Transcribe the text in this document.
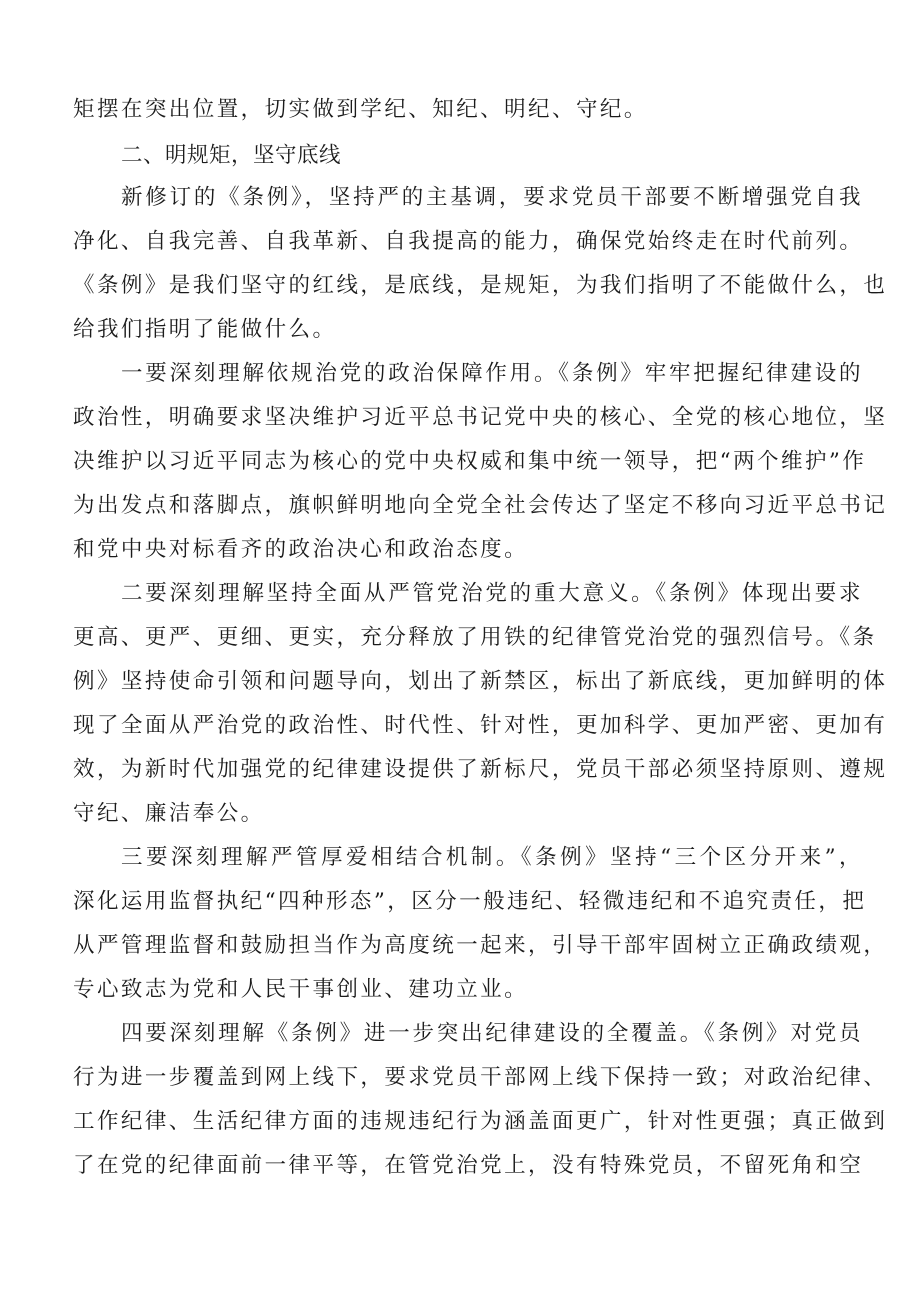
矩摆在突出位置，切实做到学纪、知纪、明纪、守纪。
二、明规矩，坚守底线
新修订的《条例》，坚持严的主基调，要求党员干部要不断增强党自我
净化、自我完善、自我革新、自我提高的能力，确保党始终走在时代前列。
《条例》是我们坚守的红线，是底线，是规矩，为我们指明了不能做什么，也
给我们指明了能做什么。
一要深刻理解依规治党的政治保障作用。《条例》牢牢把握纪律建设的
政治性，明确要求坚决维护习近平总书记党中央的核心、全党的核心地位，坚
决维护以习近平同志为核心的党中央权威和集中统一领导，把“两个维护”作
为出发点和落脚点，旗帜鲜明地向全党全社会传达了坚定不移向习近平总书记
和党中央对标看齐的政治决心和政治态度。
二要深刻理解坚持全面从严管党治党的重大意义。《条例》体现出要求
更高、更严、更细、更实，充分释放了用铁的纪律管党治党的强烈信号。《条
例》坚持使命引领和问题导向，划出了新禁区，标出了新底线，更加鲜明的体
现了全面从严治党的政治性、时代性、针对性，更加科学、更加严密、更加有
效，为新时代加强党的纪律建设提供了新标尺，党员干部必须坚持原则、遵规
守纪、廉洁奉公。
三要深刻理解严管厚爱相结合机制。《条例》坚持“三个区分开来”，
深化运用监督执纪“四种形态”，区分一般违纪、轻微违纪和不追究责任，把
从严管理监督和鼓励担当作为高度统一起来，引导干部牢固树立正确政绩观，
专心致志为党和人民干事创业、建功立业。
四要深刻理解《条例》进一步突出纪律建设的全覆盖。《条例》对党员
行为进一步覆盖到网上线下，要求党员干部网上线下保持一致；对政治纪律、
工作纪律、生活纪律方面的违规违纪行为涵盖面更广，针对性更强；真正做到
了在党的纪律面前一律平等，在管党治党上，没有特殊党员，不留死角和空
